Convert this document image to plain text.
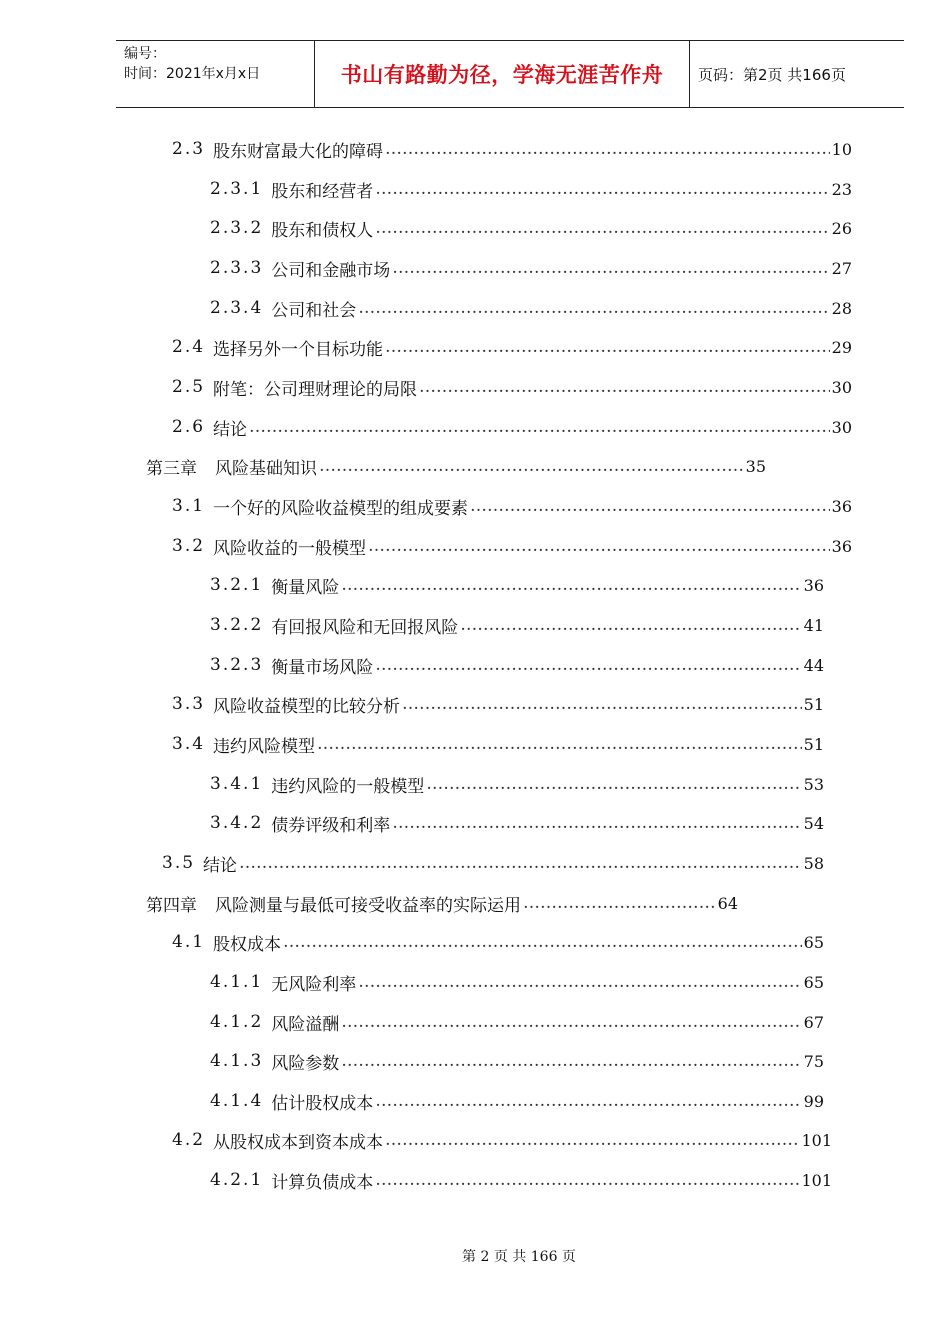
编号：
时间：2021年x月x日	书山有路勤为径，学海无涯苦作舟 页码：第2页 共166页
2.3 股东财富最大化的障碍 ……………………………………………………………………………………………………………………………………………………………………………………	10
2.3.1 股东和经营者 ……………………………………………………………………………………………………………………………………………………………………………………	23
2.3.2 股东和债权人 ……………………………………………………………………………………………………………………………………………………………………………………	26
2.3.3 公司和金融市场 ……………………………………………………………………………………………………………………………………………………………………………………	27
2.3.4 公司和社会 ……………………………………………………………………………………………………………………………………………………………………………………	28
2.4 选择另外一个目标功能 ……………………………………………………………………………………………………………………………………………………………………………………	29
2.5 附笔：公司理财理论的局限 ……………………………………………………………………………………………………………………………………………………………………………………	30
2.6 结论 ……………………………………………………………………………………………………………………………………………………………………………………	30
第三章 风险基础知识 ……………………………………………………………………………………………………………………………………………………………………………………	35
3.1 一个好的风险收益模型的组成要素 ……………………………………………………………………………………………………………………………………………………………………………………	36
3.2 风险收益的一般模型 ……………………………………………………………………………………………………………………………………………………………………………………	36
3.2.1 衡量风险 ……………………………………………………………………………………………………………………………………………………………………………………	36
3.2.2 有回报风险和无回报风险 ……………………………………………………………………………………………………………………………………………………………………………………	41
3.2.3 衡量市场风险 ……………………………………………………………………………………………………………………………………………………………………………………	44
3.3 风险收益模型的比较分析 ……………………………………………………………………………………………………………………………………………………………………………………	51
3.4 违约风险模型 ……………………………………………………………………………………………………………………………………………………………………………………	51
3.4.1 违约风险的一般模型 ……………………………………………………………………………………………………………………………………………………………………………………	53
3.4.2 债券评级和利率 ……………………………………………………………………………………………………………………………………………………………………………………	54
3.5 结论 ……………………………………………………………………………………………………………………………………………………………………………………	58
第四章 风险测量与最低可接受收益率的实际运用 ……………………………………………………………………………………………………………………………………………………………………………………	64
4.1 股权成本 ……………………………………………………………………………………………………………………………………………………………………………………	65
4.1.1 无风险利率 ……………………………………………………………………………………………………………………………………………………………………………………	65
4.1.2 风险溢酬 ……………………………………………………………………………………………………………………………………………………………………………………	67
4.1.3 风险参数 ……………………………………………………………………………………………………………………………………………………………………………………	75
4.1.4 估计股权成本 ……………………………………………………………………………………………………………………………………………………………………………………	99
4.2 从股权成本到资本成本 ……………………………………………………………………………………………………………………………………………………………………………………	101
4.2.1 计算负债成本 ……………………………………………………………………………………………………………………………………………………………………………………	101
第 2 页 共 166 页
